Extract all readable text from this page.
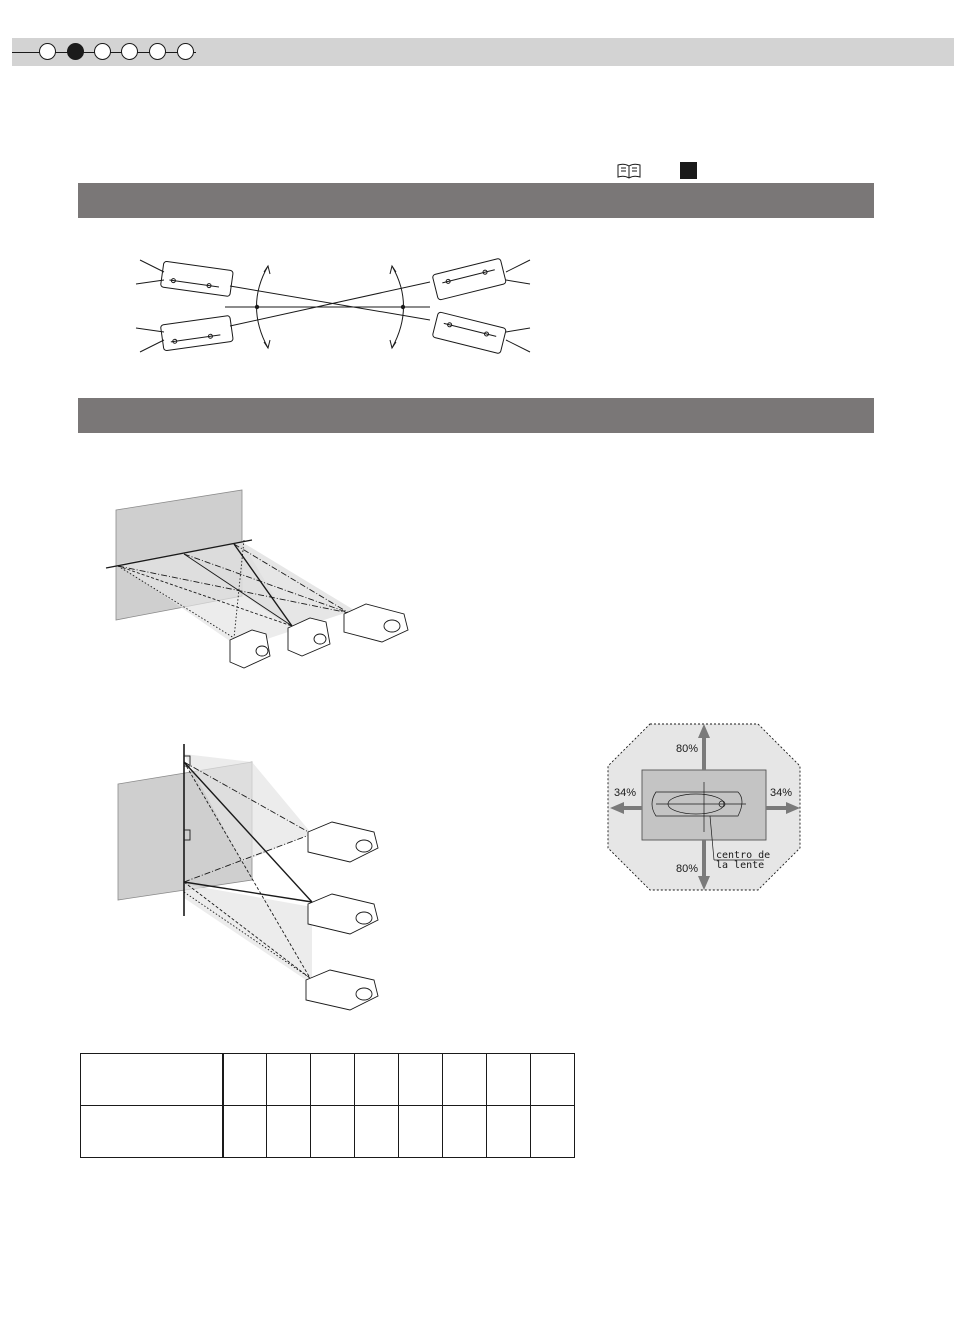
80%
80%
34%	34%
centro de
la lente
